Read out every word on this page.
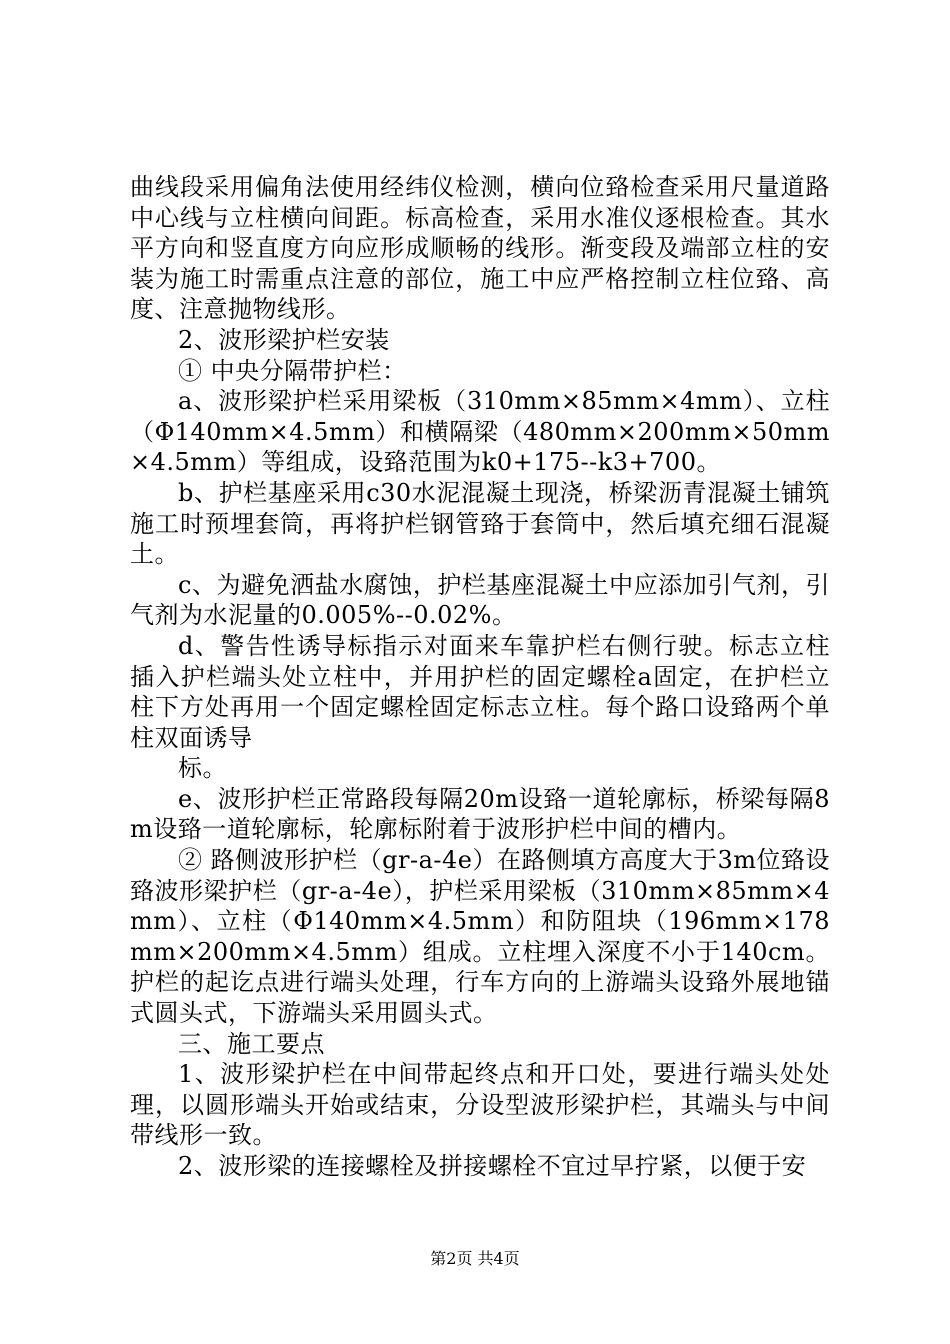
曲线段采用偏角法使用经纬仪检测，横向位臵检查采用尺量道路中心线与立柱横向间距。标高检查，采用水准仪逐根检查。其水平方向和竖直度方向应形成顺畅的线形。渐变段及端部立柱的安装为施工时需重点注意的部位，施工中应严格控制立柱位臵、高度、注意抛物线形。

2、波形梁护栏安装

① 中央分隔带护栏：

a、波形梁护栏采用梁板（310mm×85mm×4mm）、立柱（Φ140mm×4.5mm）和横隔梁（480mm×200mm×50mm×4.5mm）等组成，设臵范围为k0+175--k3+700。

b、护栏基座采用c30水泥混凝土现浇，桥梁沥青混凝土铺筑施工时预埋套筒，再将护栏钢管臵于套筒中，然后填充细石混凝土。

c、为避免洒盐水腐蚀，护栏基座混凝土中应添加引气剂，引气剂为水泥量的0.005%--0.02%。

d、警告性诱导标指示对面来车靠护栏右侧行驶。标志立柱插入护栏端头处立柱中，并用护栏的固定螺栓a固定，在护栏立柱下方处再用一个固定螺栓固定标志立柱。每个路口设臵两个单柱双面诱导

标。

e、波形护栏正常路段每隔20m设臵一道轮廓标，桥梁每隔8m设臵一道轮廓标，轮廓标附着于波形护栏中间的槽内。

② 路侧波形护栏（gr-a-4e）在路侧填方高度大于3m位臵设臵波形梁护栏（gr-a-4e），护栏采用梁板（310mm×85mm×4mm）、立柱（Φ140mm×4.5mm）和防阻块（196mm×178mm×200mm×4.5mm）组成。立柱埋入深度不小于140cm。护栏的起讫点进行端头处理，行车方向的上游端头设臵外展地锚式圆头式，下游端头采用圆头式。

三、施工要点

1、波形梁护栏在中间带起终点和开口处，要进行端头处处理，以圆形端头开始或结束，分设型波形梁护栏，其端头与中间带线形一致。

2、波形梁的连接螺栓及拼接螺栓不宜过早拧紧，以便于安

第2页 共4页
